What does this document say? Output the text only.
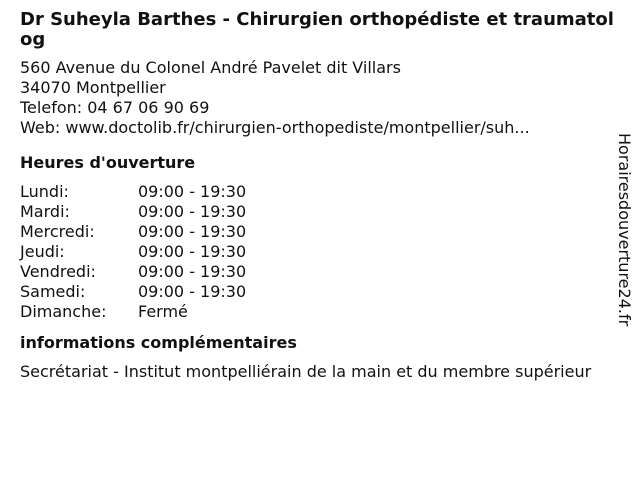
Dr Suheyla Barthes - Chirurgien orthopédiste et traumatolog
560 Avenue du Colonel André Pavelet dit Villars
34070 Montpellier
Telefon: 04 67 06 90 69
Web: www.doctolib.fr/chirurgien-orthopediste/montpellier/suh...
Heures d'ouverture
Lundi:	09:00 - 19:30
Mardi:	09:00 - 19:30
Mercredi:	09:00 - 19:30
Jeudi:	09:00 - 19:30
Vendredi:	09:00 - 19:30
Samedi:	09:00 - 19:30
Dimanche:	Fermé
informations complémentaires
Secrétariat - Institut montpelliérain de la main et du membre supérieur
Horairesdouverture24.fr
